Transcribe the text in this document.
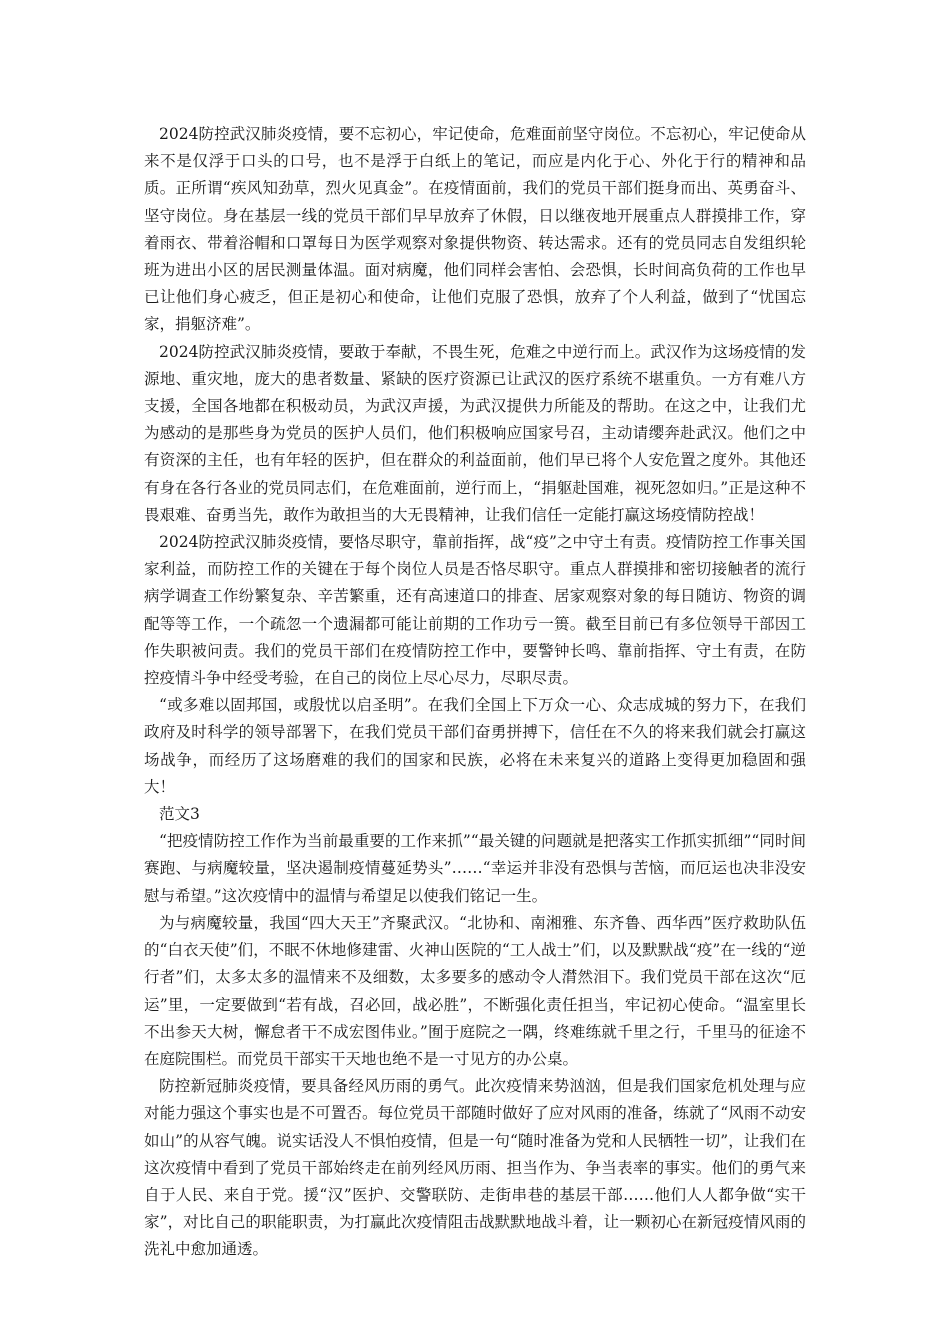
2024防控武汉肺炎疫情，要不忘初心，牢记使命，危难面前坚守岗位。不忘初心，牢记使命从来不是仅浮于口头的口号，也不是浮于白纸上的笔记，而应是内化于心、外化于行的精神和品质。正所谓“疾风知劲草，烈火见真金”。在疫情面前，我们的党员干部们挺身而出、英勇奋斗、坚守岗位。身在基层一线的党员干部们早早放弃了休假，日以继夜地开展重点人群摸排工作，穿着雨衣、带着浴帽和口罩每日为医学观察对象提供物资、转达需求。还有的党员同志自发组织轮班为进出小区的居民测量体温。面对病魔，他们同样会害怕、会恐惧，长时间高负荷的工作也早已让他们身心疲乏，但正是初心和使命，让他们克服了恐惧，放弃了个人利益，做到了“忧国忘家，捐躯济难”。

2024防控武汉肺炎疫情，要敢于奉献，不畏生死，危难之中逆行而上。武汉作为这场疫情的发源地、重灾地，庞大的患者数量、紧缺的医疗资源已让武汉的医疗系统不堪重负。一方有难八方支援，全国各地都在积极动员，为武汉声援，为武汉提供力所能及的帮助。在这之中，让我们尤为感动的是那些身为党员的医护人员们，他们积极响应国家号召，主动请缨奔赴武汉。他们之中有资深的主任，也有年轻的医护，但在群众的利益面前，他们早已将个人安危置之度外。其他还有身在各行各业的党员同志们，在危难面前，逆行而上，“捐躯赴国难，视死忽如归。”正是这种不畏艰难、奋勇当先，敢作为敢担当的大无畏精神，让我们信任一定能打赢这场疫情防控战！

2024防控武汉肺炎疫情，要恪尽职守，靠前指挥，战“疫”之中守土有责。疫情防控工作事关国家利益，而防控工作的关键在于每个岗位人员是否恪尽职守。重点人群摸排和密切接触者的流行病学调查工作纷繁复杂、辛苦繁重，还有高速道口的排查、居家观察对象的每日随访、物资的调配等等工作，一个疏忽一个遗漏都可能让前期的工作功亏一篑。截至目前已有多位领导干部因工作失职被问责。我们的党员干部们在疫情防控工作中，要警钟长鸣、靠前指挥、守土有责，在防控疫情斗争中经受考验，在自己的岗位上尽心尽力，尽职尽责。

“或多难以固邦国，或殷忧以启圣明”。在我们全国上下万众一心、众志成城的努力下，在我们政府及时科学的领导部署下，在我们党员干部们奋勇拼搏下，信任在不久的将来我们就会打赢这场战争，而经历了这场磨难的我们的国家和民族，必将在未来复兴的道路上变得更加稳固和强大！

范文3

“把疫情防控工作作为当前最重要的工作来抓”“最关键的问题就是把落实工作抓实抓细”“同时间赛跑、与病魔较量，坚决遏制疫情蔓延势头”……“幸运并非没有恐惧与苦恼，而厄运也决非没安慰与希望。”这次疫情中的温情与希望足以使我们铭记一生。

为与病魔较量，我国“四大天王”齐聚武汉。“北协和、南湘雅、东齐鲁、西华西”医疗救助队伍的“白衣天使”们，不眠不休地修建雷、火神山医院的“工人战士”们，以及默默战“疫”在一线的“逆行者”们，太多太多的温情来不及细数，太多要多的感动令人潸然泪下。我们党员干部在这次“厄运”里，一定要做到“若有战，召必回，战必胜”，不断强化责任担当，牢记初心使命。“温室里长不出参天大树，懈怠者干不成宏图伟业。”囿于庭院之一隅，终难练就千里之行，千里马的征途不在庭院围栏。而党员干部实干天地也绝不是一寸见方的办公桌。

防控新冠肺炎疫情，要具备经风历雨的勇气。此次疫情来势汹汹，但是我们国家危机处理与应对能力强这个事实也是不可置否。每位党员干部随时做好了应对风雨的准备，练就了“风雨不动安如山”的从容气魄。说实话没人不惧怕疫情，但是一句“随时准备为党和人民牺牲一切”，让我们在这次疫情中看到了党员干部始终走在前列经风历雨、担当作为、争当表率的事实。他们的勇气来自于人民、来自于党。援“汉”医护、交警联防、走街串巷的基层干部……他们人人都争做“实干家”，对比自己的职能职责，为打赢此次疫情阻击战默默地战斗着，让一颗初心在新冠疫情风雨的洗礼中愈加通透。
